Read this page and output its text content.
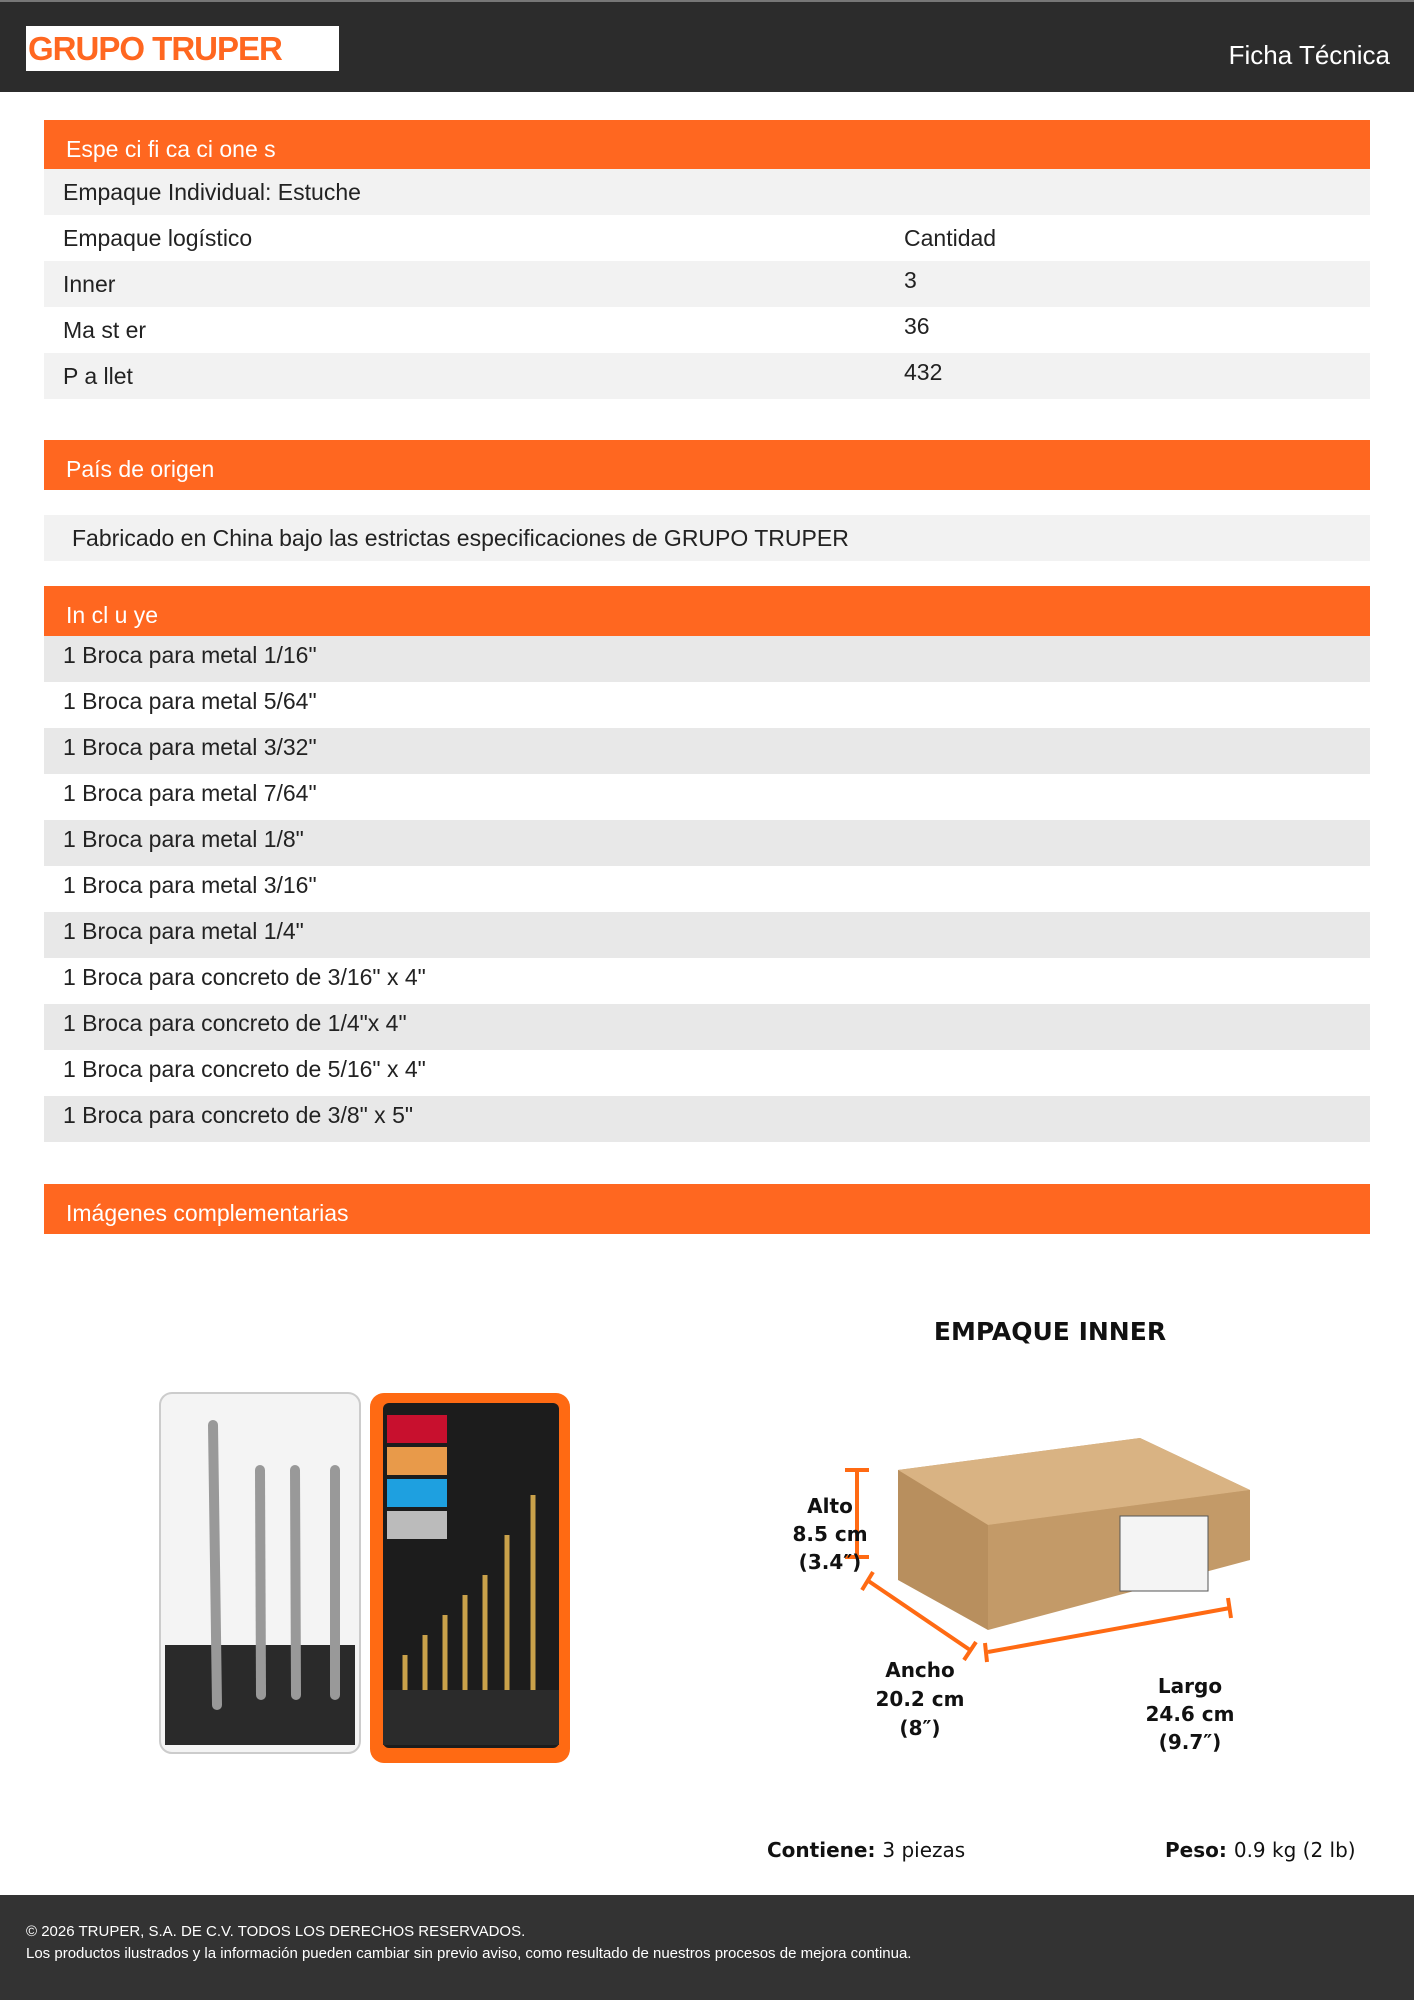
GRUPO TRUPER	Ficha Técnica
Espe ci fi ca ci one s
Empaque Individual: Estuche
Empaque logístico	Cantidad
Inner	3
Ma st er	36
P a llet	432
País de origen
Fabricado en China bajo las estrictas especificaciones de GRUPO TRUPER
In cl u ye
1 Broca para metal 1/16"
1 Broca para metal 5/64"
1 Broca para metal 3/32"
1 Broca para metal 7/64"
1 Broca para metal 1/8"
1 Broca para metal 3/16"
1 Broca para metal 1/4"
1 Broca para concreto de 3/16" x 4"
1 Broca para concreto de 1/4"x 4"
1 Broca para concreto de 5/16" x 4"
1 Broca para concreto de 3/8" x 5"
Imágenes complementarias
EMPAQUE INNER
Alto
8.5 cm
(3.4″)
Ancho
20.2 cm
(8″)
Largo
24.6 cm
(9.7″)
Contiene: 3 piezas	Peso: 0.9 kg (2 lb)
© 2026 TRUPER, S.A. DE C.V. TODOS LOS DERECHOS RESERVADOS.
Los productos ilustrados y la información pueden cambiar sin previo aviso, como resultado de nuestros procesos de mejora continua.
